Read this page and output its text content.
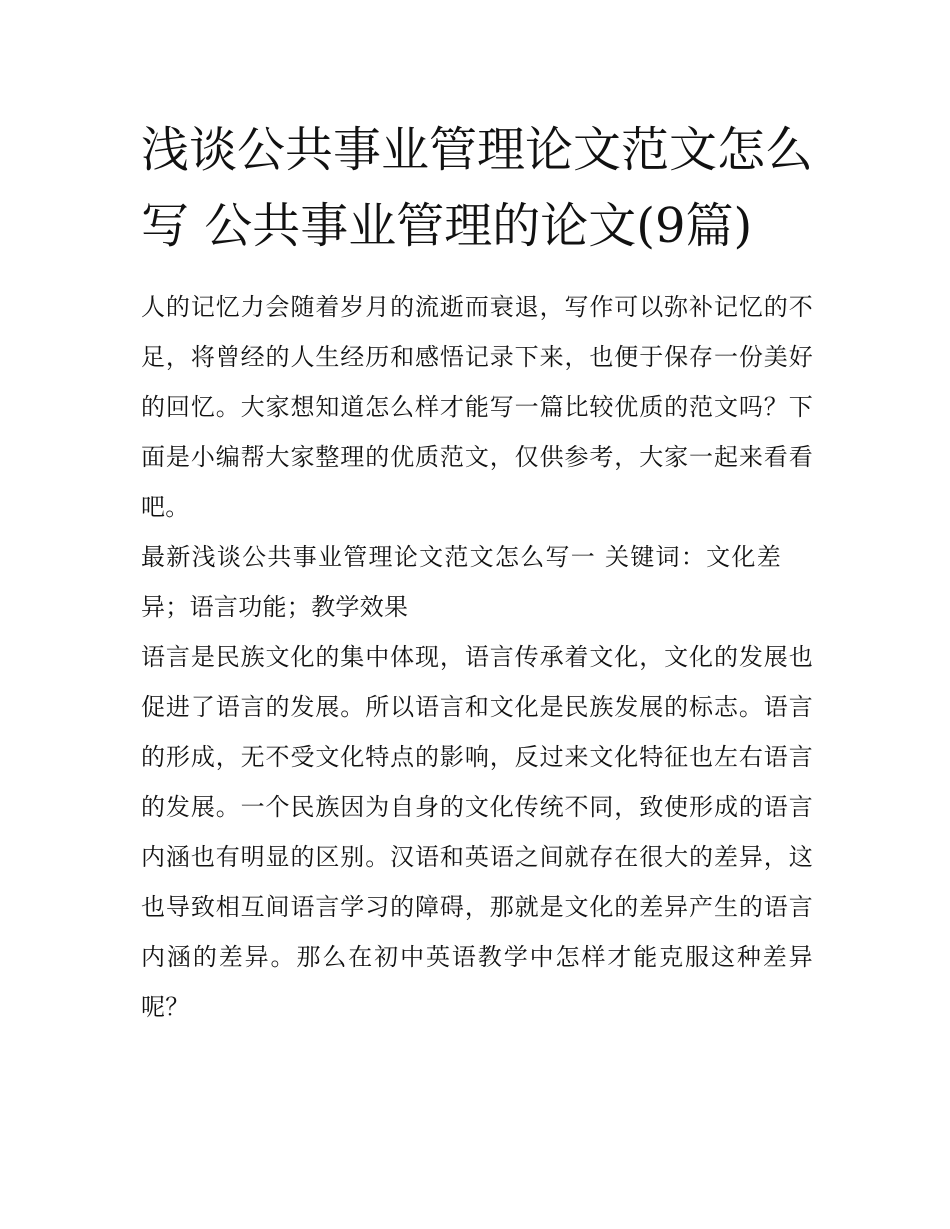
浅谈公共事业管理论文范文怎么写 公共事业管理的论文(9篇)

人的记忆力会随着岁月的流逝而衰退，写作可以弥补记忆的不足，将曾经的人生经历和感悟记录下来，也便于保存一份美好的回忆。大家想知道怎么样才能写一篇比较优质的范文吗？下面是小编帮大家整理的优质范文，仅供参考，大家一起来看看吧。

最新浅谈公共事业管理论文范文怎么写一 关键词：文化差异；语言功能；教学效果

语言是民族文化的集中体现，语言传承着文化，文化的发展也促进了语言的发展。所以语言和文化是民族发展的标志。语言的形成，无不受文化特点的影响，反过来文化特征也左右语言的发展。一个民族因为自身的文化传统不同，致使形成的语言内涵也有明显的区别。汉语和英语之间就存在很大的差异，这也导致相互间语言学习的障碍，那就是文化的差异产生的语言内涵的差异。那么在初中英语教学中怎样才能克服这种差异呢？
